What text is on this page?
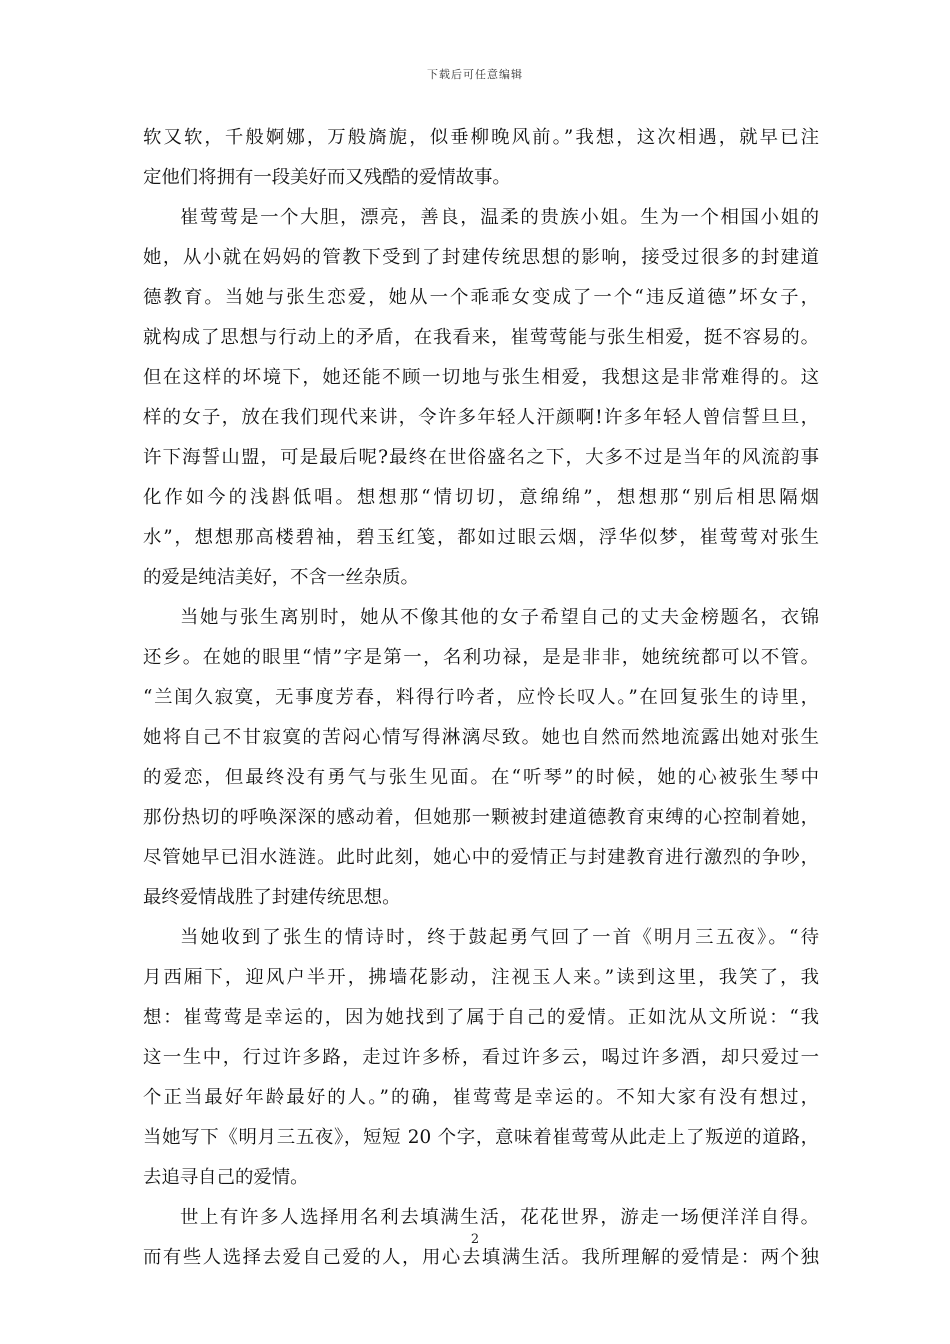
下载后可任意编辑
软又软，千般婀娜，万般旖旎，似垂柳晚风前。”我想，这次相遇，就早已注
定他们将拥有一段美好而又残酷的爱情故事。
崔莺莺是一个大胆，漂亮，善良，温柔的贵族小姐。生为一个相国小姐的
她，从小就在妈妈的管教下受到了封建传统思想的影响，接受过很多的封建道
德教育。当她与张生恋爱，她从一个乖乖女变成了一个“违反道德”坏女子，
就构成了思想与行动上的矛盾，在我看来，崔莺莺能与张生相爱，挺不容易的。
但在这样的坏境下，她还能不顾一切地与张生相爱，我想这是非常难得的。这
样的女子，放在我们现代来讲，令许多年轻人汗颜啊!许多年轻人曾信誓旦旦，
许下海誓山盟，可是最后呢?最终在世俗盛名之下，大多不过是当年的风流韵事
化作如今的浅斟低唱。想想那“情切切，意绵绵”，想想那“别后相思隔烟
水”，想想那高楼碧袖，碧玉红笺，都如过眼云烟，浮华似梦，崔莺莺对张生
的爱是纯洁美好，不含一丝杂质。
当她与张生离别时，她从不像其他的女子希望自己的丈夫金榜题名，衣锦
还乡。在她的眼里“情”字是第一，名利功禄，是是非非，她统统都可以不管。
“兰闺久寂寞，无事度芳春，料得行吟者，应怜长叹人。”在回复张生的诗里，
她将自己不甘寂寞的苦闷心情写得淋漓尽致。她也自然而然地流露出她对张生
的爱恋，但最终没有勇气与张生见面。在“听琴”的时候，她的心被张生琴中
那份热切的呼唤深深的感动着，但她那一颗被封建道德教育束缚的心控制着她，
尽管她早已泪水涟涟。此时此刻，她心中的爱情正与封建教育进行激烈的争吵，
最终爱情战胜了封建传统思想。
当她收到了张生的情诗时，终于鼓起勇气回了一首《明月三五夜》。“待
月西厢下，迎风户半开，拂墙花影动，注视玉人来。”读到这里，我笑了，我
想：崔莺莺是幸运的，因为她找到了属于自己的爱情。正如沈从文所说：“我
这一生中，行过许多路，走过许多桥，看过许多云，喝过许多酒，却只爱过一
个正当最好年龄最好的人。”的确，崔莺莺是幸运的。不知大家有没有想过，
当她写下《明月三五夜》，短短 20 个字，意味着崔莺莺从此走上了叛逆的道路，
去追寻自己的爱情。
世上有许多人选择用名利去填满生活，花花世界，游走一场便洋洋自得。
而有些人选择去爱自己爱的人，用心去填满生活。我所理解的爱情是：两个独
2
